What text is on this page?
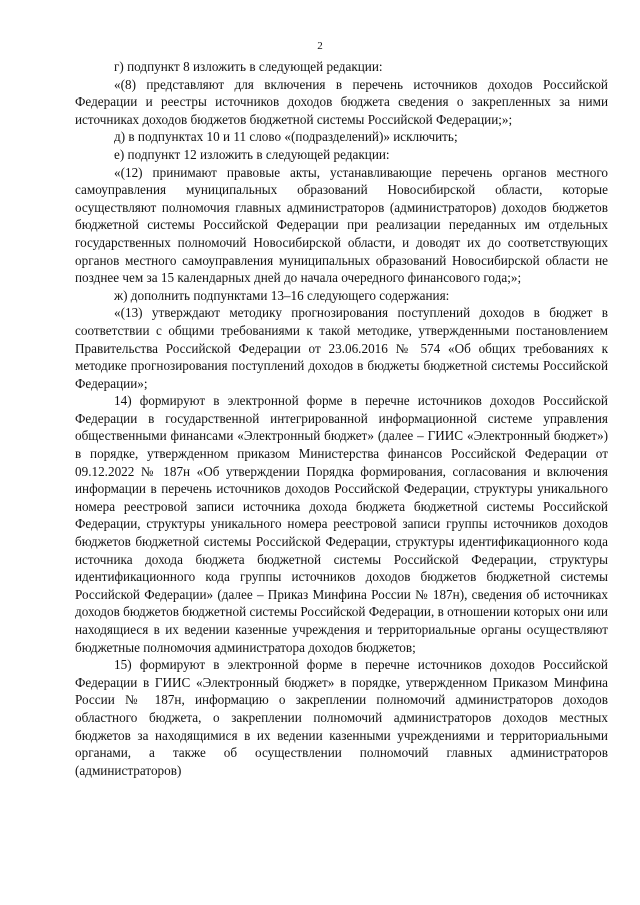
2

г) подпункт 8 изложить в следующей редакции:

«(8) представляют для включения в перечень источников доходов Российской Федерации и реестры источников доходов бюджета сведения о закрепленных за ними источниках доходов бюджетов бюджетной системы Российской Федерации;»;

д) в подпунктах 10 и 11 слово «(подразделений)» исключить;

е) подпункт 12 изложить в следующей редакции:

«(12) принимают правовые акты, устанавливающие перечень органов местного самоуправления муниципальных образований Новосибирской области, которые осуществляют полномочия главных администраторов (администраторов) доходов бюджетов бюджетной системы Российской Федерации при реализации переданных им отдельных государственных полномочий Новосибирской области, и доводят их до соответствующих органов местного самоуправления муниципальных образований Новосибирской области не позднее чем за 15 календарных дней до начала очередного финансового года;»;

ж) дополнить подпунктами 13–16 следующего содержания:

«(13) утверждают методику прогнозирования поступлений доходов в бюджет в соответствии с общими требованиями к такой методике, утвержденными постановлением Правительства Российской Федерации от 23.06.2016 № 574 «Об общих требованиях к методике прогнозирования поступлений доходов в бюджеты бюджетной системы Российской Федерации»;

14) формируют в электронной форме в перечне источников доходов Российской Федерации в государственной интегрированной информационной системе управления общественными финансами «Электронный бюджет» (далее – ГИИС «Электронный бюджет») в порядке, утвержденном приказом Министерства финансов Российской Федерации от 09.12.2022 № 187н «Об утверждении Порядка формирования, согласования и включения информации в перечень источников доходов Российской Федерации, структуры уникального номера реестровой записи источника дохода бюджета бюджетной системы Российской Федерации, структуры уникального номера реестровой записи группы источников доходов бюджетов бюджетной системы Российской Федерации, структуры идентификационного кода источника дохода бюджета бюджетной системы Российской Федерации, структуры идентификационного кода группы источников доходов бюджетов бюджетной системы Российской Федерации» (далее – Приказ Минфина России № 187н), сведения об источниках доходов бюджетов бюджетной системы Российской Федерации, в отношении которых они или находящиеся в их ведении казенные учреждения и территориальные органы осуществляют бюджетные полномочия администратора доходов бюджетов;

15) формируют в электронной форме в перечне источников доходов Российской Федерации в ГИИС «Электронный бюджет» в порядке, утвержденном Приказом Минфина России № 187н, информацию о закреплении полномочий администраторов доходов областного бюджета, о закреплении полномочий администраторов доходов местных бюджетов за находящимися в их ведении казенными учреждениями и территориальными органами, а также об осуществлении полномочий главных администраторов (администраторов)
